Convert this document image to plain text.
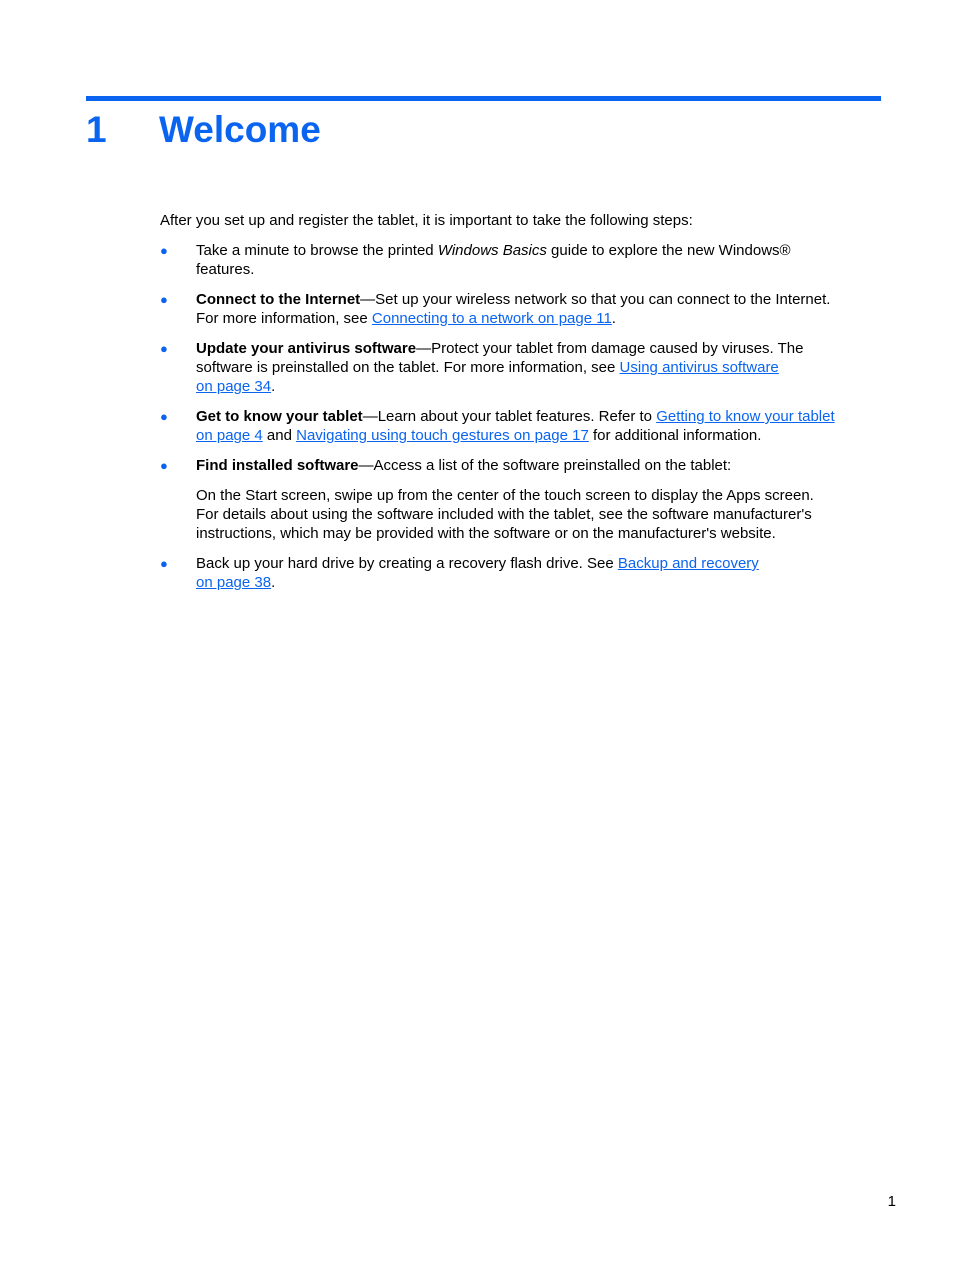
1 Welcome

After you set up and register the tablet, it is important to take the following steps:

● Take a minute to browse the printed Windows Basics guide to explore the new Windows®
features.

● Connect to the Internet—Set up your wireless network so that you can connect to the Internet.
For more information, see Connecting to a network on page 11.

● Update your antivirus software—Protect your tablet from damage caused by viruses. The
software is preinstalled on the tablet. For more information, see Using antivirus software
on page 34.

● Get to know your tablet—Learn about your tablet features. Refer to Getting to know your tablet
on page 4 and Navigating using touch gestures on page 17 for additional information.

● Find installed software—Access a list of the software preinstalled on the tablet:

On the Start screen, swipe up from the center of the touch screen to display the Apps screen.
For details about using the software included with the tablet, see the software manufacturer's
instructions, which may be provided with the software or on the manufacturer's website.

● Back up your hard drive by creating a recovery flash drive. See Backup and recovery
on page 38.

1
